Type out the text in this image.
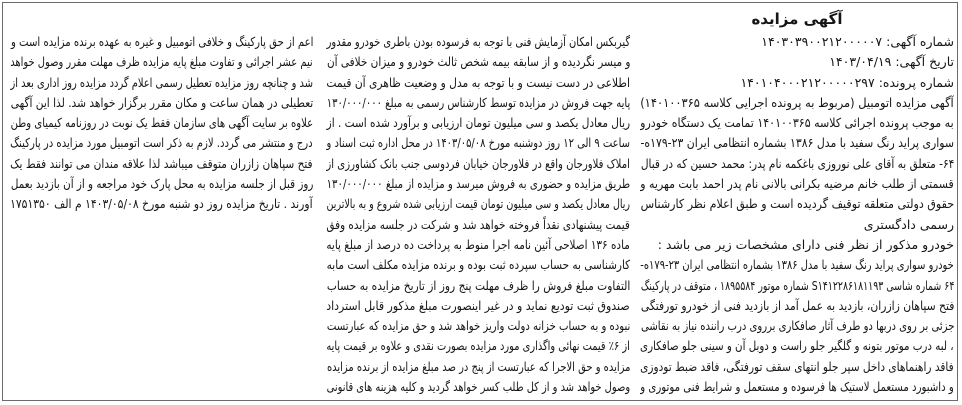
آگهی مزایده
شماره آگهی: ۱۴۰۳۰۳۹۰۰۲۱۲۰۰۰۰۰۷
تاریخ آگهی: ۱۴۰۳/۰۴/۱۹
شماره پرونده: ۱۴۰۱۰۴۰۰۰۲۱۲۰۰۰۰۰۲۹۷
آگهی مزایده اتومبیل (مربوط به پرونده اجرایی کلاسه ۱۴۰۱۰۰۳۶۵)
به موجب پرونده اجرائی کلاسه ۱۴۰۱۰۰۳۶۵ تمامت یک دستگاه خودرو
سواری پراید رنگ سفید با مدل ۱۳۸۶ بشماره انتظامی ایران ۲۳-۱۷۹ه-
۶۴- متعلق به آقای علی نوروزی باغکمه نام پدر: محمد حسین که در قبال
قسمتی از طلب خانم مرضیه بکرانی بالانی نام پدر احمد بابت مهریه و
حقوق دولتی متعلقه توقیف گردیده است و طبق اعلام نظر کارشناس
رسمی دادگستری
خودرو مذکور از نظر فنی دارای مشخصات زیر می باشد :
خودرو سواری پراید رنگ سفید با مدل ۱۳۸۶ بشماره انتظامی ایران ۲۳-۱۷۹ه-
۶۴ شماره شاسی S۱۴۱۲۲۸۶۱۸۱۱۹۳ شماره موتور ۱۸۹۵۵۸۴ ، متوقف در پارکینگ
فتح سپاهان زازران، بازدید به عمل آمد از بازدید فنی از خودرو تورفتگی
جزئی بر روی دربها دو طرف آثار صافکاری برروی درب راننده نیاز به نقاشی
، لبه درب موتور بتونه و گلگیر جلو راست و دوبل آن و سینی جلو صافکاری
فاقد راهنماهای داخل سپر جلو انتهای سقف تورفتگی، فاقد ضبط تودوزی
و داشبورد مستعمل لاستیک ها فرسوده و مستعمل و شرایط فنی موتوری و
گیربکس امکان آزمایش فنی با توجه به فرسوده بودن باطری خودرو مقدور
و میسر نگردیده و از سابقه بیمه شخص ثالث خودرو و میزان خلافی آن
اطلاعی در دست نیست و با توجه به مدل و وضعیت ظاهری آن قیمت
پایه جهت فروش در مزایده توسط کارشناس رسمی به مبلغ ۱۳۰/۰۰۰/۰۰۰
ریال معادل یکصد و سی میلیون تومان ارزیابی و برآورد شده است . از
ساعت ۹ الی ۱۲ روز دوشنبه مورخ ۱۴۰۳/۰۵/۰۸ در محل اداره ثبت اسناد و
املاک فلاورجان واقع در فلاورجان خیابان فردوسی جنب بانک کشاورزی از
طریق مزایده و حضوری به فروش میرسد و مزایده از مبلغ ۱۳۰/۰۰۰/۰۰۰
ریال معادل یکصد و سی میلیون تومان قیمت ارزیابی شده شروع و به بالاترین
قیمت پیشنهادی نقداً فروخته خواهد شد و شرکت در جلسه مزایده وفق
ماده ۱۳۶ اصلاحی آئین نامه اجرا منوط به پرداخت ده درصد از مبلغ پایه
کارشناسی به حساب سپرده ثبت بوده و برنده مزایده مکلف است مابه
التفاوت مبلغ فروش را ظرف مهلت پنج روز از تاریخ مزایده به حساب
صندوق ثبت تودیع نماید و در غیر اینصورت مبلغ مذکور قابل استرداد
نبوده و به حساب خزانه دولت واریز خواهد شد و حق مزایده که عبارتست
از ۶٪ قیمت نهائی واگذاری مورد مزایده بصورت نقدی و علاوه بر قیمت پایه
مزایده و حق الاجرا که عبارتست از پنج در صد مبلغ مزایده از برنده مزایده
وصول خواهد شد و از کل طلب کسر خواهد گردید و کلیه هزینه های قانونی
اعم از حق پارکینگ و خلافی اتومبیل و غیره به عهده برنده مزایده است و
نیم عشر اجرائی و تفاوت مبلغ پایه مزایده ظرف مهلت مقرر وصول خواهد
شد و چنانچه روز مزایده تعطیل رسمی اعلام گردد مزایده روز اداری بعد از
تعطیلی در همان ساعت و مکان مقرر برگزار خواهد شد. لذا این آگهی
علاوه بر سایت آگهی های سازمان فقط یک نوبت در روزنامه کیمیای وطن
درج و منتشر می گردد. لازم به ذکر است اتومبیل مورد مزایده در پارکینگ
فتح سپاهان زازران متوقف میباشد لذا علاقه مندان می توانند فقط یک
روز قبل از جلسه مزایده به محل پارک خود مراجعه و از آن بازدید بعمل
آورند . تاریخ مزایده روز دو شنبه مورخ ۱۴۰۳/۰۵/۰۸ م الف ۱۷۵۱۳۵۰
